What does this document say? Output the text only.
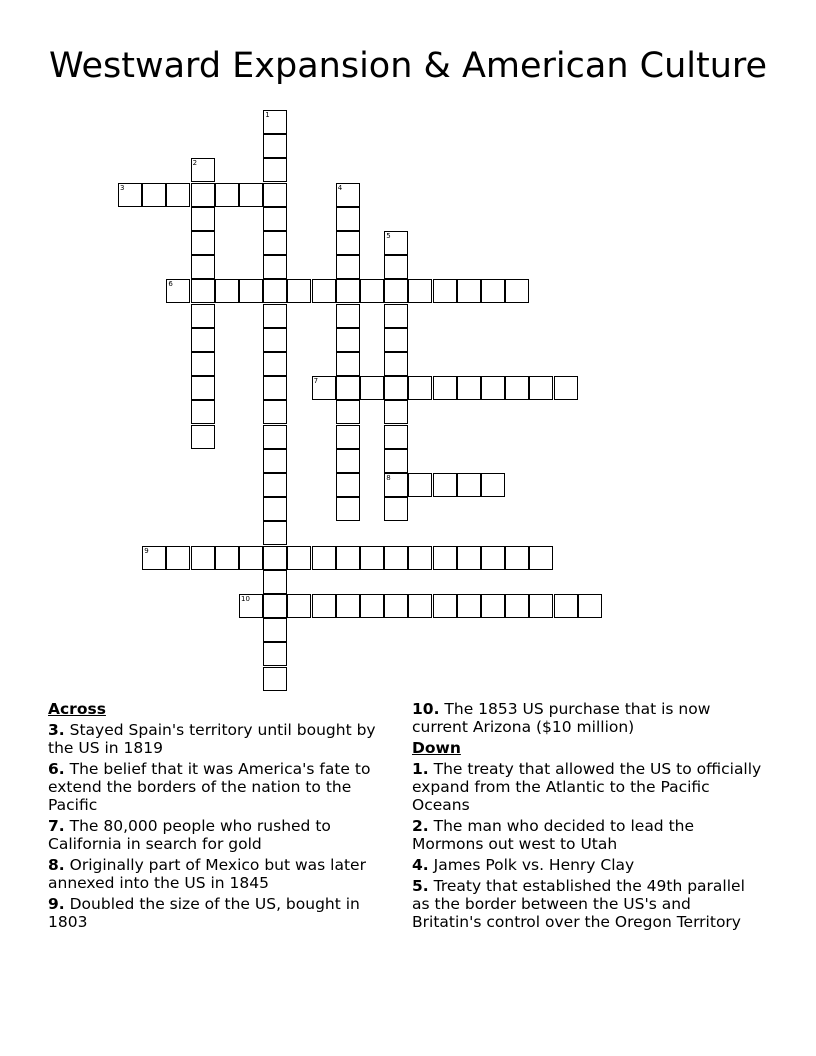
Westward Expansion & American Culture
1
2
3	4
5
8
6
7
9
10
Across
3. Stayed Spain's territory until bought by the US in 1819
6. The belief that it was America's fate to extend the borders of the nation to the Pacific
7. The 80,000 people who rushed to California in search for gold
8. Originally part of Mexico but was later annexed into the US in 1845
9. Doubled the size of the US, bought in 1803
10. The 1853 US purchase that is now current Arizona ($10 million)
Down
1. The treaty that allowed the US to officially expand from the Atlantic to the Pacific Oceans
2. The man who decided to lead the Mormons out west to Utah
4. James Polk vs. Henry Clay
5. Treaty that established the 49th parallel as the border between the US's and Britatin's control over the Oregon Territory
